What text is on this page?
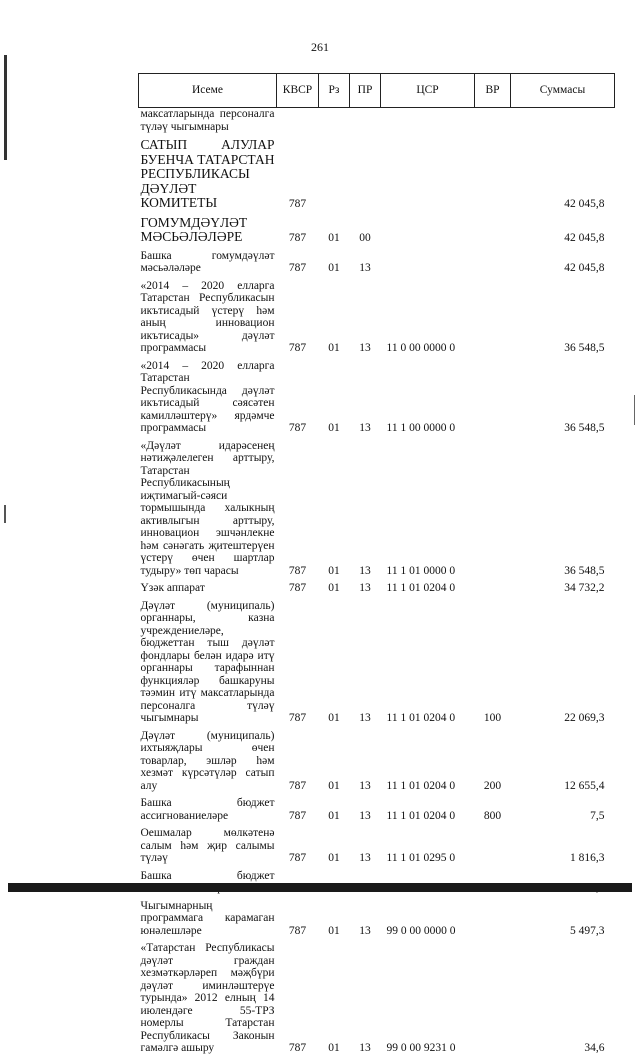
261
Исеме	КВСР	Рз	ПР	ЦСР	ВР	Суммасы
максатларында персоналга түләү чыгымнары						
САТЫП АЛУЛАР БУЕНЧА ТАТАРСТАН РЕСПУБЛИКАСЫ ДӘҮЛӘТ КОМИТЕТЫ	787					42 045,8
ГОМУМДӘҮЛӘТ МӘСЬӘЛӘЛӘРЕ	787	01	00			42 045,8
Башка гомумдәүләт мәсьәләләре	787	01	13			42 045,8
«2014 – 2020 елларга Татарстан Республикасын икътисадый үстерү һәм аның инновацион икътисады» дәүләт программасы	787	01	13	11 0 00 0000 0		36 548,5
«2014 – 2020 елларга Татарстан Республикасында дәүләт икътисадый сәясәтен камилләштерү» ярдәмче программасы	787	01	13	11 1 00 0000 0		36 548,5
«Дәүләт идарәсенең нәтиҗәлелеген арттыру, Татарстан Республикасының иҗтимагый-сәяси тормышында халыкның активлыгын арттыру, инновацион эшчәнлекне һәм сәнәгать җитештерүен үстерү өчен шартлар тудыру» төп чарасы	787	01	13	11 1 01 0000 0		36 548,5
Үзәк аппарат	787	01	13	11 1 01 0204 0		34 732,2
Дәүләт (муниципаль) органнары, казна учреждениеләре, бюджеттан тыш дәүләт фондлары белән идарә итү органнары тарафыннан функцияләр башкаруны тәэмин итү максатларында персоналга түләү чыгымнары	787	01	13	11 1 01 0204 0	100	22 069,3
Дәүләт (муниципаль) ихтыяҗлары өчен товарлар, эшләр һәм хезмәт күрсәтүләр сатып алу	787	01	13	11 1 01 0204 0	200	12 655,4
Башка бюджет ассигнованиеләре	787	01	13	11 1 01 0204 0	800	7,5
Оешмалар мөлкәтенә салым һәм җир салымы түләү	787	01	13	11 1 01 0295 0		1 816,3
Башка бюджет						
Чыгымнарның программага карамаган юнәлешләре	787	01	13	99 0 00 0000 0		5 497,3
«Татарстан Республикасы дәүләт граждан хезмәткәрләреп мәҗбүри дәүләт иминләштерүе турында» 2012 елның 14 июлендәге 55-ТРЗ номерлы Татарстан Республикасы Законын гамәлгә ашыру	787	01	13	99 0 00 9231 0		34,6
